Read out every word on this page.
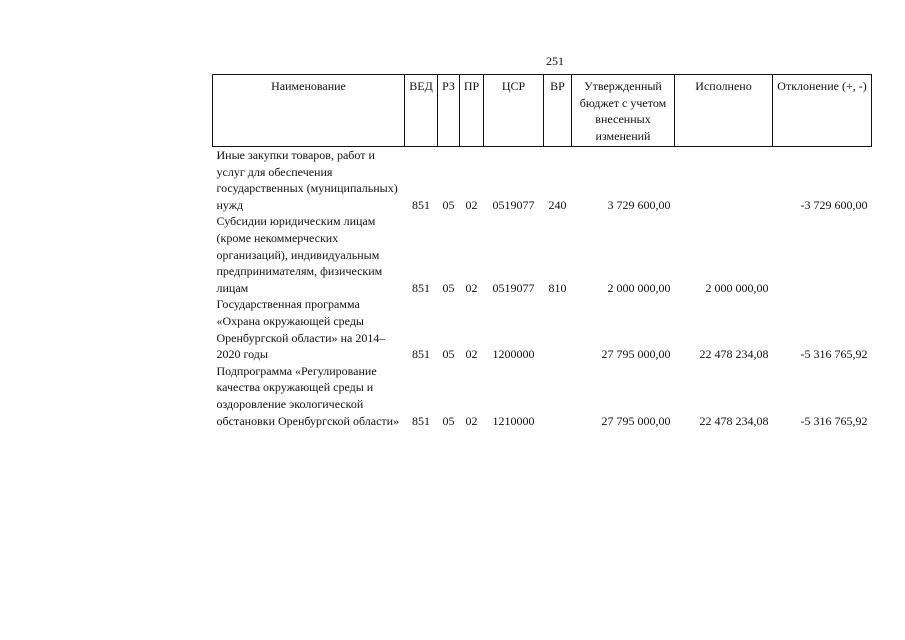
251
Наименование	ВЕД	РЗ	ПР	ЦСР	ВР	Утвержденный бюджет с учетом внесенных изменений	Исполнено	Отклонение (+, -)
Иные закупки товаров, работ и услуг для обеспечения государственных (муниципальных) нужд	851	05	02	0519077	240	3 729 600,00		-3 729 600,00
Субсидии юридическим лицам (кроме некоммерческих организаций), индивидуальным предпринимателям, физическим лицам	851	05	02	0519077	810	2 000 000,00	2 000 000,00	
Государственная программа «Охрана окружающей среды Оренбургской области» на 2014–2020 годы	851	05	02	1200000		27 795 000,00	22 478 234,08	-5 316 765,92
Подпрограмма «Регулирование качества окружающей среды и оздоровление экологической обстановки Оренбургской области»	851	05	02	1210000		27 795 000,00	22 478 234,08	-5 316 765,92
